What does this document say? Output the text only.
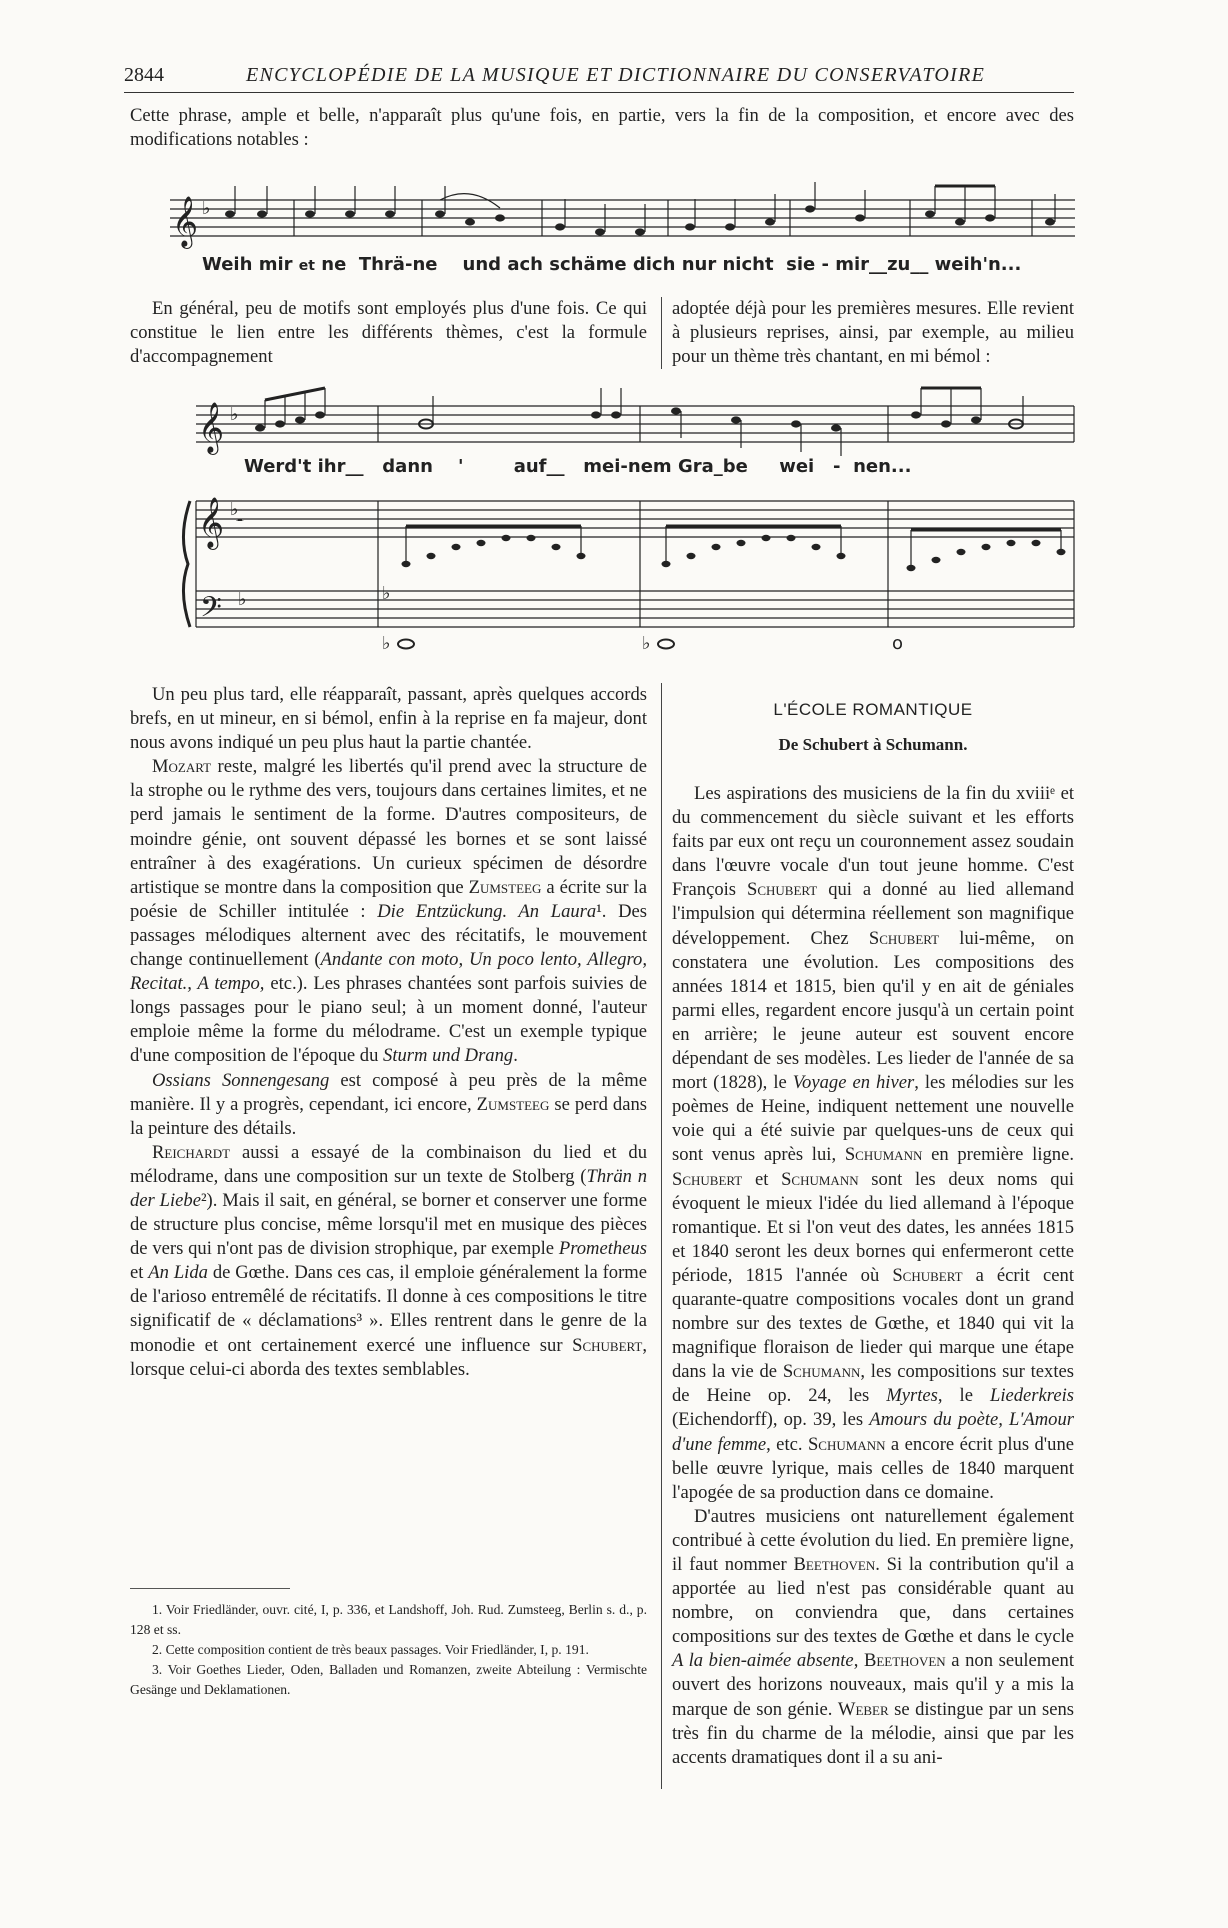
2844	ENCYCLOPÉDIE DE LA MUSIQUE ET DICTIONNAIRE DU CONSERVATOIRE

Cette phrase, ample et belle, n'apparaît plus qu'une fois, en partie, vers la fin de la composition, et encore avec des modifications notables :

𝄞 ♭
Weih mir et ne Thrä-ne und ach schäme dich nur nicht sie - mir__zu__ weih'n...

En général, peu de motifs sont employés plus d'une fois. Ce qui constitue le lien entre les différents thèmes, c'est la formule d'accompagnement

adoptée déjà pour les premières mesures. Elle revient à plusieurs reprises, ainsi, par exemple, au milieu pour un thème très chantant, en mi bémol :

𝄞
𝄞
𝄢
♭
♭
♭
𝄼
♭
♭	♭	o
Werd't ihr__ dann '	auf__ mei-nem Gra_be wei - nen...

Un peu plus tard, elle réapparaît, passant, après quelques accords brefs, en ut mineur, en si bémol, enfin à la reprise en fa majeur, dont nous avons indiqué un peu plus haut la partie chantée.

Mozart reste, malgré les libertés qu'il prend avec la structure de la strophe ou le rythme des vers, toujours dans certaines limites, et ne perd jamais le sentiment de la forme. D'autres compositeurs, de moindre génie, ont souvent dépassé les bornes et se sont laissé entraîner à des exagérations. Un curieux spécimen de désordre artistique se montre dans la composition que Zumsteeg a écrite sur la poésie de Schiller intitulée : Die Entzückung. An Laura¹. Des passages mélodiques alternent avec des récitatifs, le mouvement change continuellement (Andante con moto, Un poco lento, Allegro, Recitat., A tempo, etc.). Les phrases chantées sont parfois suivies de longs passages pour le piano seul; à un moment donné, l'auteur emploie même la forme du mélodrame. C'est un exemple typique d'une composition de l'époque du Sturm und Drang.

Ossians Sonnengesang est composé à peu près de la même manière. Il y a progrès, cependant, ici encore, Zumsteeg se perd dans la peinture des détails.

Reichardt aussi a essayé de la combinaison du lied et du mélodrame, dans une composition sur un texte de Stolberg (Thrän n der Liebe²). Mais il sait, en général, se borner et conserver une forme de structure plus concise, même lorsqu'il met en musique des pièces de vers qui n'ont pas de division strophique, par exemple Prometheus et An Lida de Gœthe. Dans ces cas, il emploie généralement la forme de l'arioso entremêlé de récitatifs. Il donne à ces compositions le titre significatif de « déclamations³ ». Elles rentrent dans le genre de la monodie et ont certainement exercé une influence sur Schubert, lorsque celui-ci aborda des textes semblables.

1. Voir Friedländer, ouvr. cité, I, p. 336, et Landshoff, Joh. Rud. Zumsteeg, Berlin s. d., p. 128 et ss.

2. Cette composition contient de très beaux passages. Voir Friedländer, I, p. 191.

3. Voir Goethes Lieder, Oden, Balladen und Romanzen, zweite Abteilung : Vermischte Gesänge und Deklamationen.

L'ÉCOLE ROMANTIQUE
De Schubert à Schumann.

Les aspirations des musiciens de la fin du xviiiᵉ et du commencement du siècle suivant et les efforts faits par eux ont reçu un couronnement assez soudain dans l'œuvre vocale d'un tout jeune homme. C'est François Schubert qui a donné au lied allemand l'impulsion qui détermina réellement son magnifique développement. Chez Schubert lui-même, on constatera une évolution. Les compositions des années 1814 et 1815, bien qu'il y en ait de géniales parmi elles, regardent encore jusqu'à un certain point en arrière; le jeune auteur est souvent encore dépendant de ses modèles. Les lieder de l'année de sa mort (1828), le Voyage en hiver, les mélodies sur les poèmes de Heine, indiquent nettement une nouvelle voie qui a été suivie par quelques-uns de ceux qui sont venus après lui, Schumann en première ligne. Schubert et Schumann sont les deux noms qui évoquent le mieux l'idée du lied allemand à l'époque romantique. Et si l'on veut des dates, les années 1815 et 1840 seront les deux bornes qui enfermeront cette période, 1815 l'année où Schubert a écrit cent quarante-quatre compositions vocales dont un grand nombre sur des textes de Gœthe, et 1840 qui vit la magnifique floraison de lieder qui marque une étape dans la vie de Schumann, les compositions sur textes de Heine op. 24, les Myrtes, le Liederkreis (Eichendorff), op. 39, les Amours du poète, L'Amour d'une femme, etc. Schumann a encore écrit plus d'une belle œuvre lyrique, mais celles de 1840 marquent l'apogée de sa production dans ce domaine.

D'autres musiciens ont naturellement également contribué à cette évolution du lied. En première ligne, il faut nommer Beethoven. Si la contribution qu'il a apportée au lied n'est pas considérable quant au nombre, on conviendra que, dans certaines compositions sur des textes de Gœthe et dans le cycle A la bien-aimée absente, Beethoven a non seulement ouvert des horizons nouveaux, mais qu'il y a mis la marque de son génie. Weber se distingue par un sens très fin du charme de la mélodie, ainsi que par les accents dramatiques dont il a su ani-
